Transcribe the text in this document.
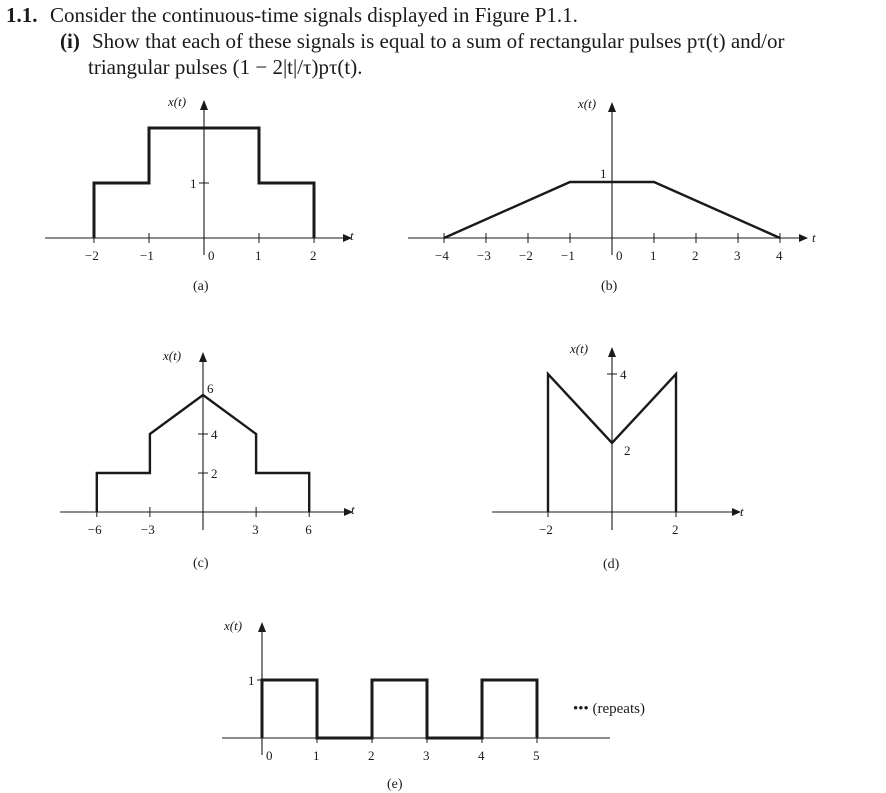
1.1. Consider the continuous-time signals displayed in Figure P1.1.
(i) Show that each of these signals is equal to a sum of rectangular pulses pτ(t) and/or
triangular pulses (1 − 2|t|/τ)pτ(t).
−2	−1	0	1	2
1
x(t)
t
(a)
−4 −3 −2 −1	0 1	2	3	4
1
x(t)
t
(b)
−6	−3	3	6
6
4
2
x(t)
t
(c)
−2	2
4
2
x(t)
t
(d)
0	1	2	3	4	5
1
x(t)
••• (repeats)
(e)
